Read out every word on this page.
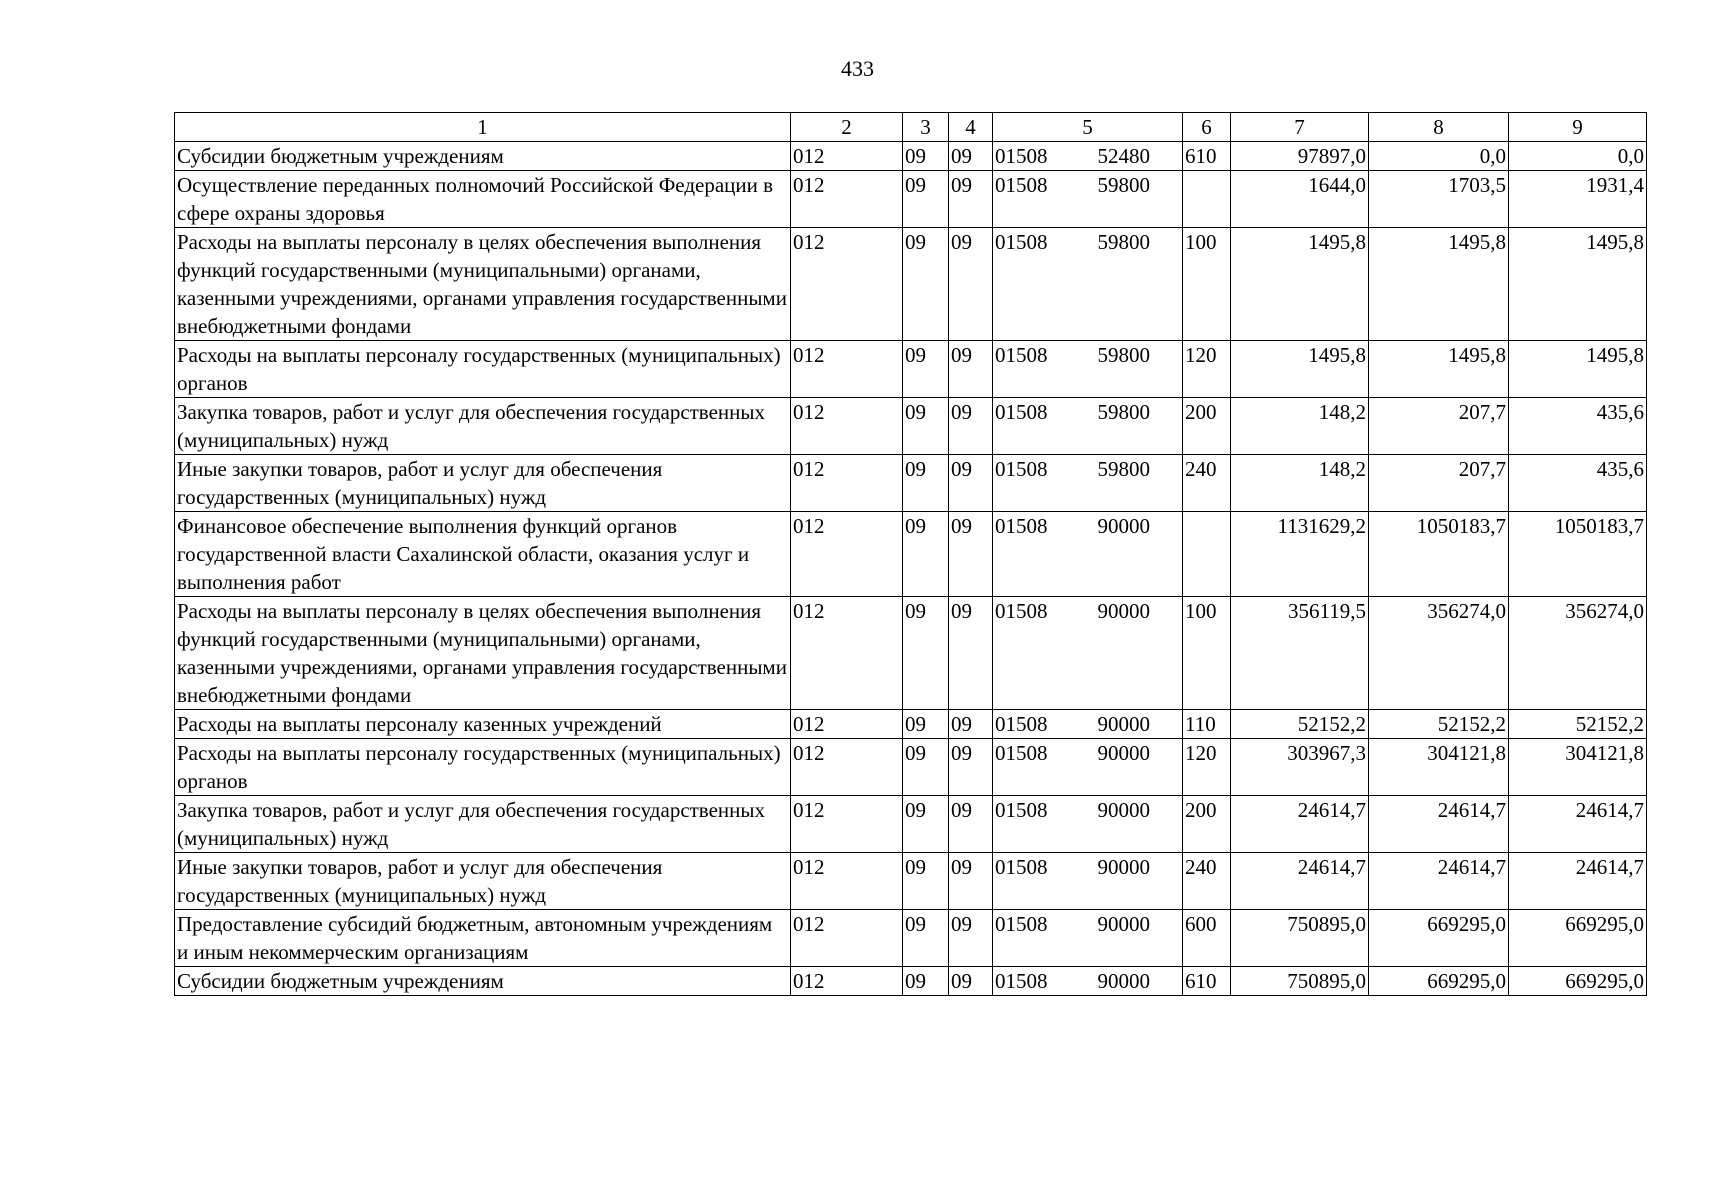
433
1	2	3	4	5	6	7	8	9
Субсидии бюджетным учреждениям	012	09	09	01508 52480	610	97897,0	0,0	0,0
Осуществление переданных полномочий Российской Федерации в сфере охраны здоровья	012	09	09	01508 59800		1644,0	1703,5	1931,4
Расходы на выплаты персоналу в целях обеспечения выполнения функций государственными (муниципальными) органами, казенными учреждениями, органами управления государственными внебюджетными фондами	012	09	09	01508 59800	100	1495,8	1495,8	1495,8
Расходы на выплаты персоналу государственных (муниципальных) органов	012	09	09	01508 59800	120	1495,8	1495,8	1495,8
Закупка товаров, работ и услуг для обеспечения государственных (муниципальных) нужд	012	09	09	01508 59800	200	148,2	207,7	435,6
Иные закупки товаров, работ и услуг для обеспечения государственных (муниципальных) нужд	012	09	09	01508 59800	240	148,2	207,7	435,6
Финансовое обеспечение выполнения функций органов государственной власти Сахалинской области, оказания услуг и выполнения работ	012	09	09	01508 90000		1131629,2	1050183,7	1050183,7
Расходы на выплаты персоналу в целях обеспечения выполнения функций государственными (муниципальными) органами, казенными учреждениями, органами управления государственными внебюджетными фондами	012	09	09	01508 90000	100	356119,5	356274,0	356274,0
Расходы на выплаты персоналу казенных учреждений	012	09	09	01508 90000	110	52152,2	52152,2	52152,2
Расходы на выплаты персоналу государственных (муниципальных) органов	012	09	09	01508 90000	120	303967,3	304121,8	304121,8
Закупка товаров, работ и услуг для обеспечения государственных (муниципальных) нужд	012	09	09	01508 90000	200	24614,7	24614,7	24614,7
Иные закупки товаров, работ и услуг для обеспечения государственных (муниципальных) нужд	012	09	09	01508 90000	240	24614,7	24614,7	24614,7
Предоставление субсидий бюджетным, автономным учреждениям и иным некоммерческим организациям	012	09	09	01508 90000	600	750895,0	669295,0	669295,0
Субсидии бюджетным учреждениям	012	09	09	01508 90000	610	750895,0	669295,0	669295,0
